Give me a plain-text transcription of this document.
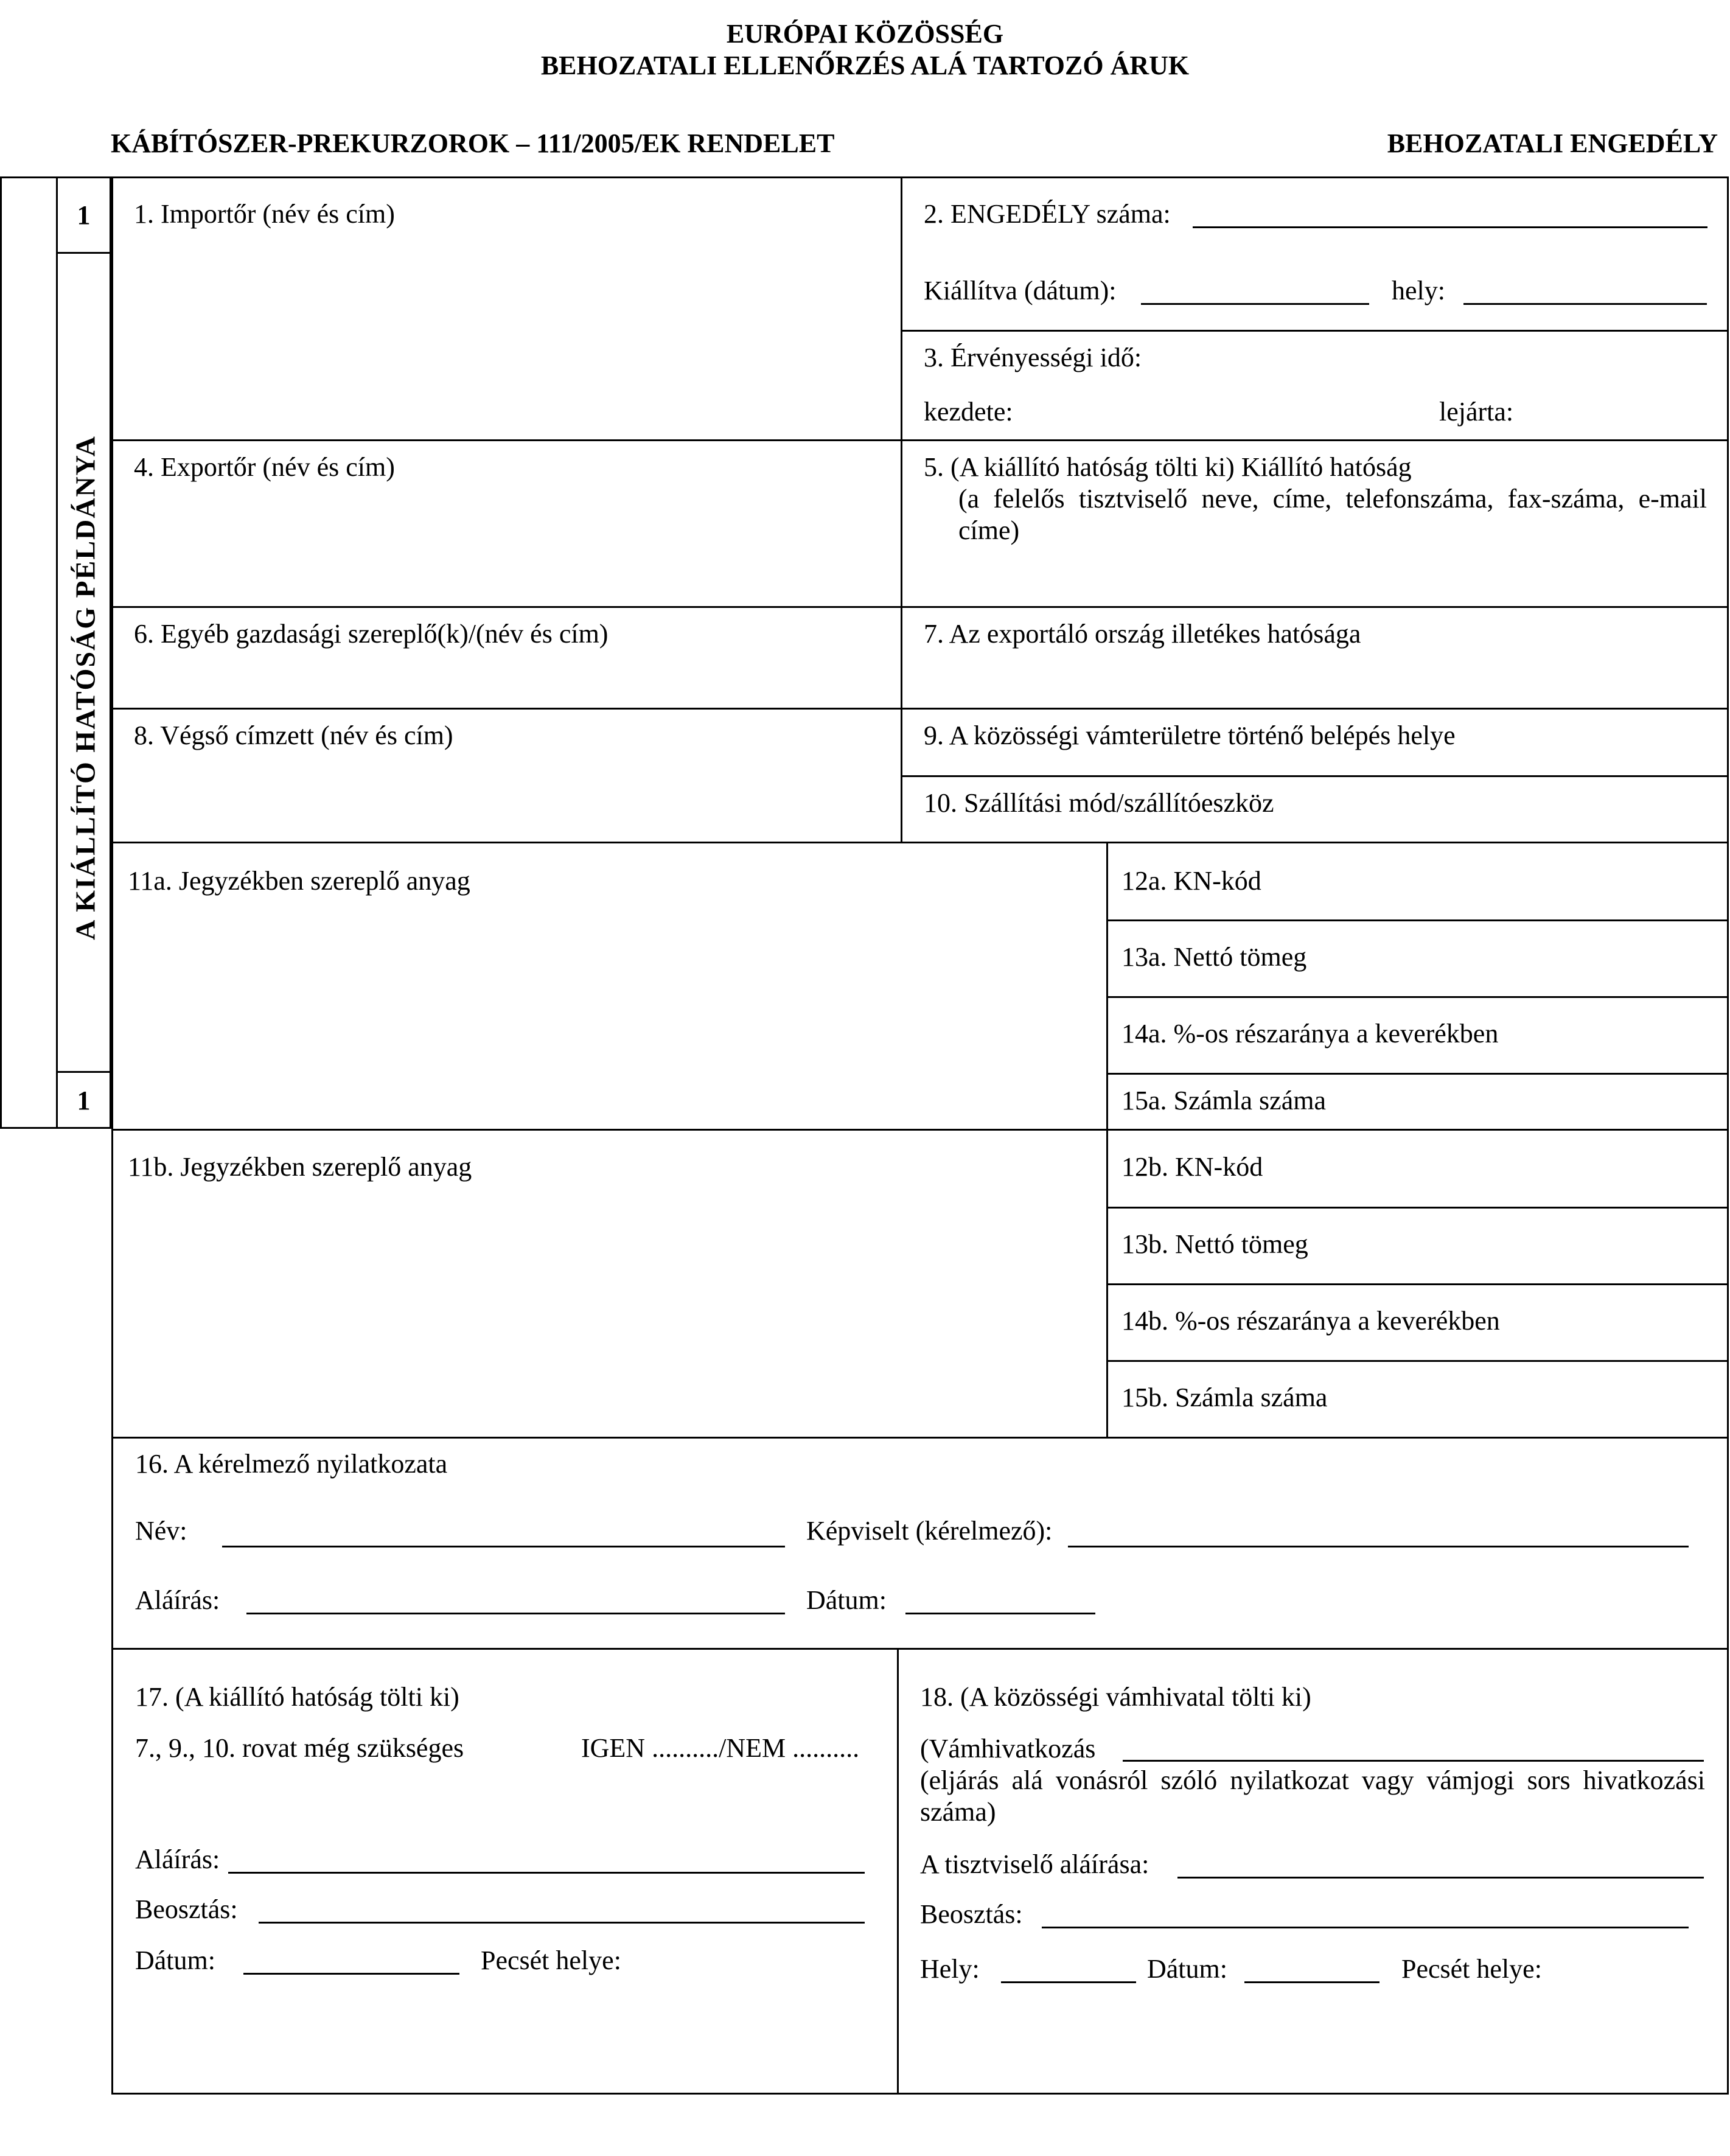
EURÓPAI KÖZÖSSÉG
BEHOZATALI ELLENŐRZÉS ALÁ TARTOZÓ ÁRUK
KÁBÍTÓSZER-PREKURZOROK – 111/2005/EK RENDELET	BEHOZATALI ENGEDÉLY
1
1
A KIÁLLÍTÓ HATÓSÁG PÉLDÁNYA
1. Importőr (név és cím)	2. ENGEDÉLY száma:
Kiállítva (dátum):	hely:
3. Érvényességi idő:
kezdete:	lejárta:
4. Exportőr (név és cím)	5. (A kiállító hatóság tölti ki) Kiállító hatóság
(a felelős tisztviselő neve, címe, telefonszáma, fax-száma, e-mail címe)
6. Egyéb gazdasági szereplő(k)/(név és cím)	7. Az exportáló ország illetékes hatósága
8. Végső címzett (név és cím)	9. A közösségi vámterületre történő belépés helye
10. Szállítási mód/szállítóeszköz
11a. Jegyzékben szereplő anyag	12a. KN-kód
13a. Nettó tömeg
14a. %-os részaránya a keverékben
15a. Számla száma
11b. Jegyzékben szereplő anyag	12b. KN-kód
13b. Nettó tömeg
14b. %-os részaránya a keverékben
15b. Számla száma
16. A kérelmező nyilatkozata
Név:	Képviselt (kérelmező):
Aláírás:	Dátum:
17. (A kiállító hatóság tölti ki)
7., 9., 10. rovat még szükséges	IGEN ........../NEM ..........
Aláírás:
Beosztás:
Dátum:	Pecsét helye:
18. (A közösségi vámhivatal tölti ki)
(Vámhivatkozás
(eljárás alá vonásról szóló nyilatkozat vagy vámjogi sors hivatkozási száma)
A tisztviselő aláírása:
Beosztás:
Hely:	Dátum:	Pecsét helye:
